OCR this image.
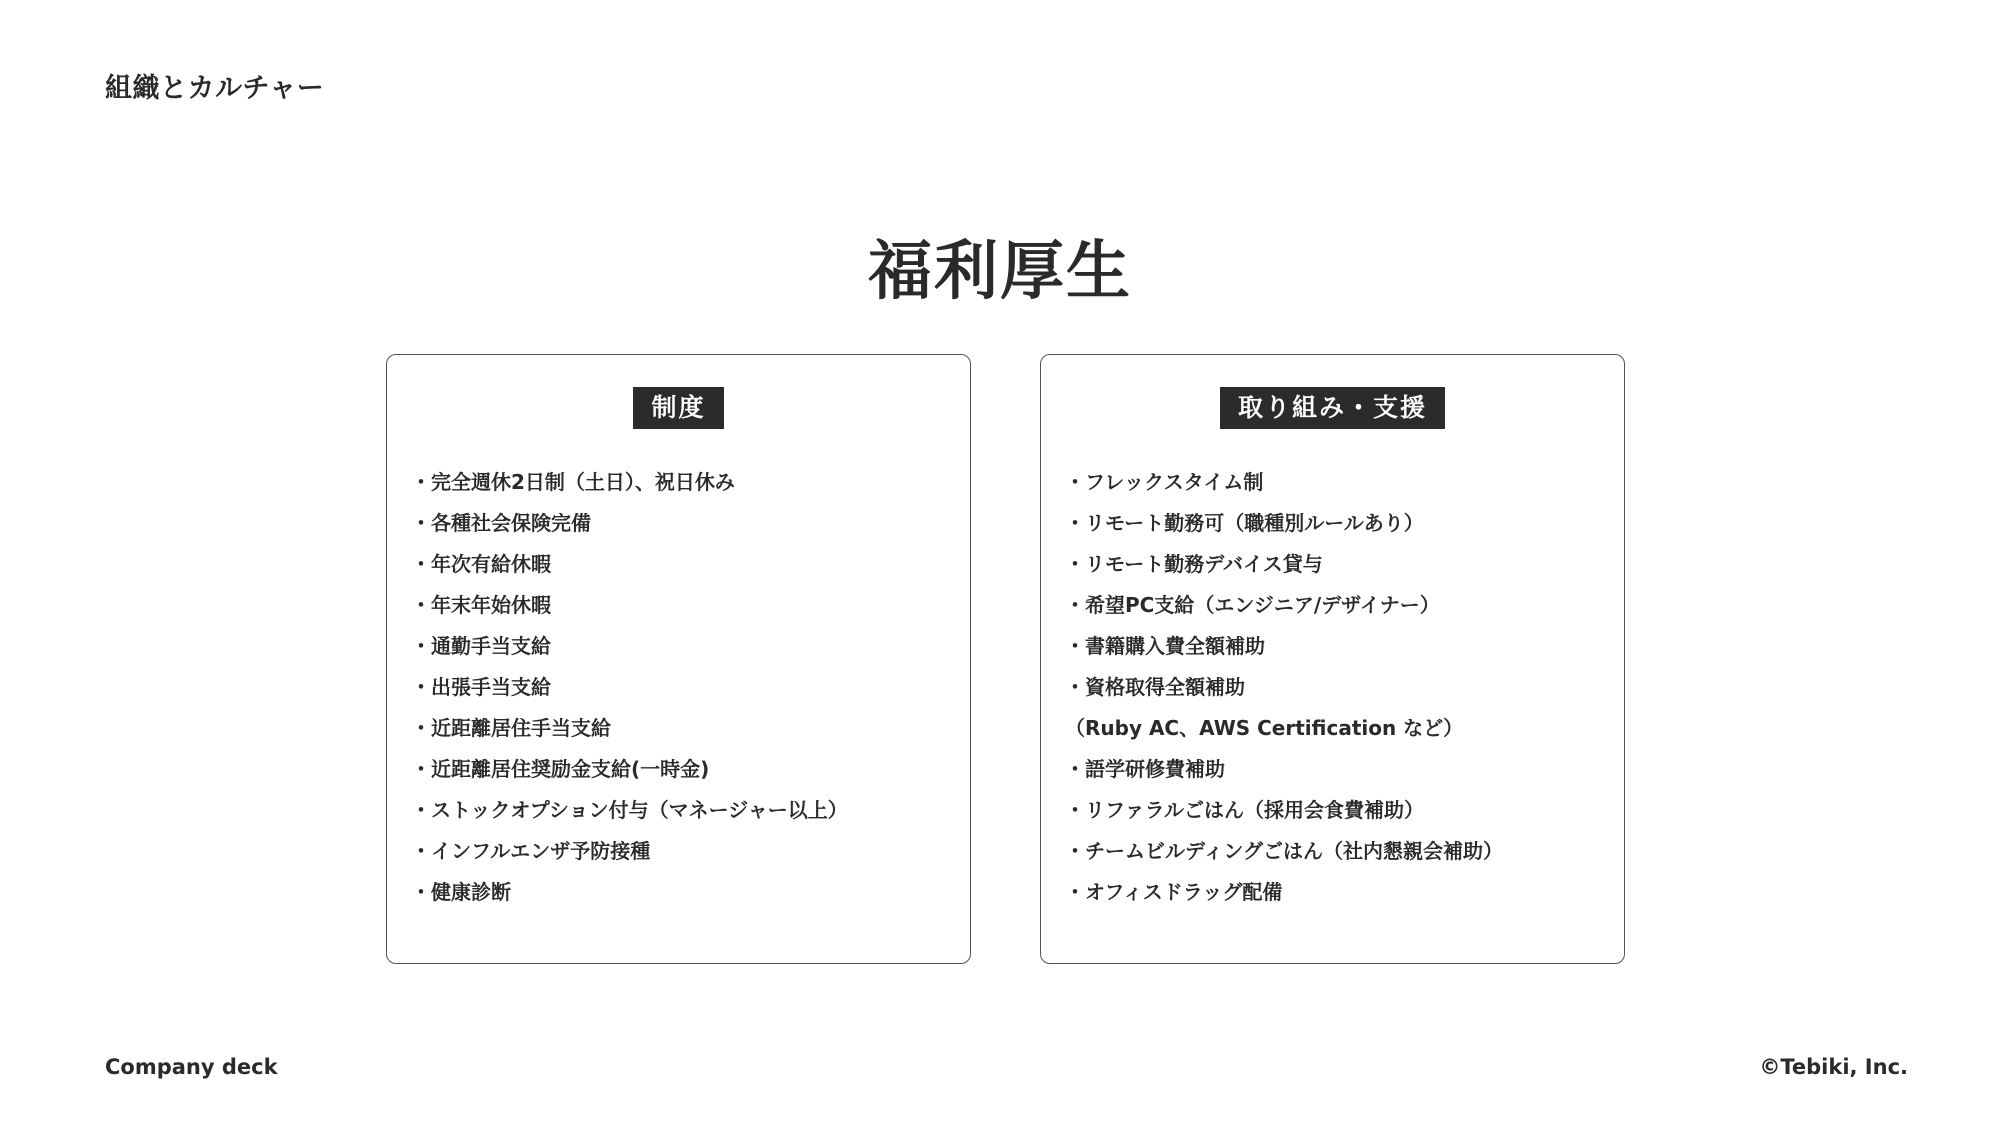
組織とカルチャー
福利厚生
制度
・完全週休2日制（土日）、祝日休み
・各種社会保険完備
・年次有給休暇
・年末年始休暇
・通勤手当支給
・出張手当支給
・近距離居住手当支給
・近距離居住奨励金支給(一時金)
・ストックオプション付与（マネージャー以上）
・インフルエンザ予防接種
・健康診断
取り組み・支援
・フレックスタイム制
・リモート勤務可（職種別ルールあり）
・リモート勤務デバイス貸与
・希望PC支給（エンジニア/デザイナー）
・書籍購入費全額補助
・資格取得全額補助
（Ruby AC、AWS Certification など）
・語学研修費補助
・リファラルごはん（採用会食費補助）
・チームビルディングごはん（社内懇親会補助）
・オフィスドラッグ配備
Company deck	©Tebiki, Inc.
